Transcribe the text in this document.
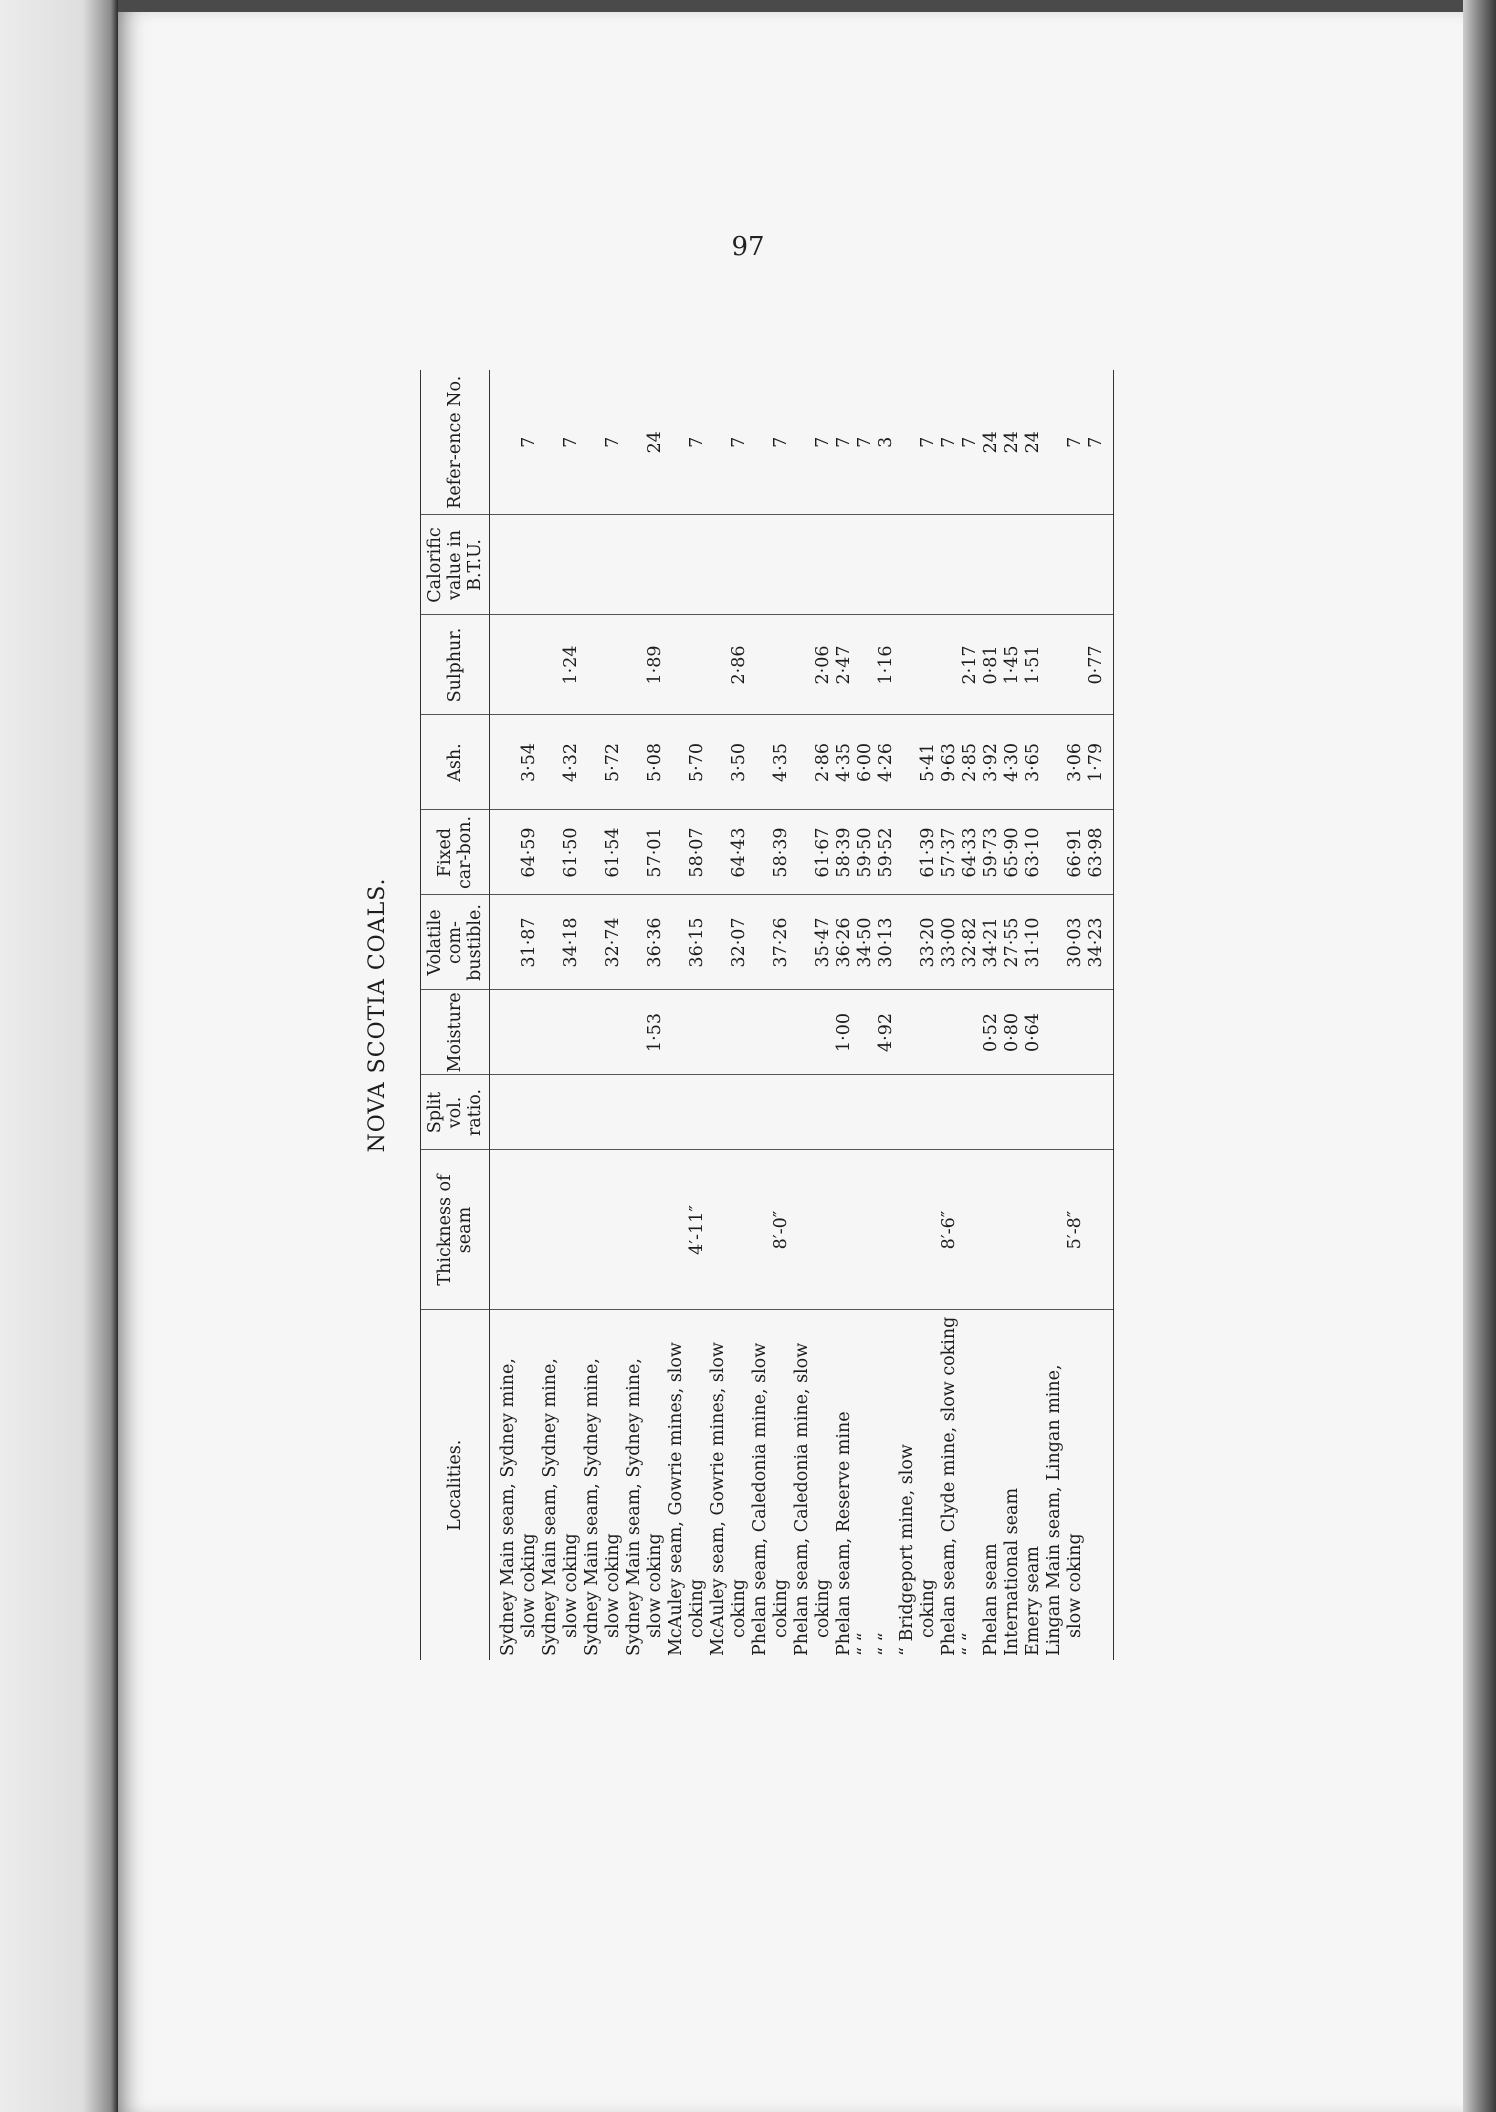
97
NOVA SCOTIA COALS.
Localities.	Thickness of seam	Split vol. ratio.	Moisture	Volatile com-bustible.	Fixed car-bon.	Ash.	Sulphur.	Calorific value in B.T.U.	Refer-ence No.

Sydney Main seam, Sydney mine, slow coking				31·87	64·59	3·54			7

Sydney Main seam, Sydney mine, slow coking				34·18	61·50	4·32	1·24		7

Sydney Main seam, Sydney mine, slow coking				32·74	61·54	5·72			7

Sydney Main seam, Sydney mine, slow coking			1·53	36·36	57·01	5·08	1·89		24

McAuley seam, Gowrie mines, slow coking	4′-11″			36·15	58·07	5·70			7

McAuley seam, Gowrie mines, slow coking				32·07	64·43	3·50	2·86		7

Phelan seam, Caledonia mine, slow coking	8′-0″			37·26	58·39	4·35			7

Phelan seam, Caledonia mine, slow coking				35·47	61·67	2·86	2·06		7

Phelan seam, Reserve mine			1·00	36·26	58·39	4·35	2·47		7

“ “				34·50	59·50	6·00			7

“ “			4·92	30·13	59·52	4·26	1·16		3

“ Bridgeport mine, slow coking				33·20	61·39	5·41			7

Phelan seam, Clyde mine, slow coking	8′-6″			33·00	57·37	9·63			7

“ “				32·82	64·33	2·85	2·17		7

Phelan seam			0·52	34·21	59·73	3·92	0·81		24

International seam			0·80	27·55	65·90	4·30	1·45		24

Emery seam			0·64	31·10	63·10	3·65	1·51		24

Lingan Main seam, Lingan mine, slow coking	5′-8″			30·03	66·91	3·06			7

				34·23	63·98	1·79	0·77		7
